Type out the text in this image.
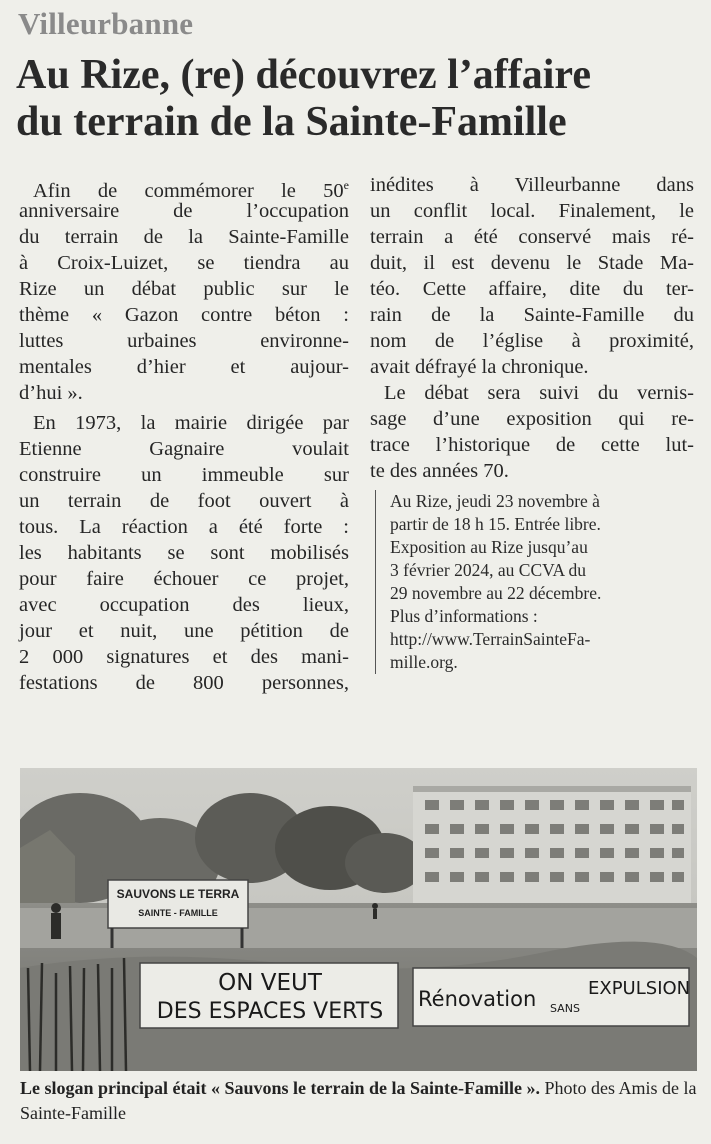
Villeurbanne
Au Rize, (re) découvrez l’affaire
du terrain de la Sainte-Famille
Afin de commémorer le 50e
anniversaire de l’occupation
du terrain de la Sainte-Famille
à Croix-Luizet, se tiendra au
Rize un débat public sur le
thème « Gazon contre béton :
luttes urbaines environne-
mentales d’hier et aujour-
d’hui ».
En 1973, la mairie dirigée par
Etienne Gagnaire voulait
construire un immeuble sur
un terrain de foot ouvert à
tous. La réaction a été forte :
les habitants se sont mobilisés
pour faire échouer ce projet,
avec occupation des lieux,
jour et nuit, une pétition de
2 000 signatures et des mani-
festations de 800 personnes,
inédites à Villeurbanne dans
un conflit local. Finalement, le
terrain a été conservé mais ré-
duit, il est devenu le Stade Ma-
téo. Cette affaire, dite du ter-
rain de la Sainte-Famille du
nom de l’église à proximité,
avait défrayé la chronique.
Le débat sera suivi du vernis-
sage d’une exposition qui re-
trace l’historique de cette lut-
te des années 70.
Au Rize, jeudi 23 novembre à
partir de 18 h 15. Entrée libre.
Exposition au Rize jusqu’au
3 février 2024, au CCVA du
29 novembre au 22 décembre.
Plus d’informations :
http://www.TerrainSainteFa-
mille.org.
SAUVONS LE TERRA
SAINTE - FAMILLE
ON VEUT
DES ESPACES VERTS Rénovation SANS
EXPULSION
Le slogan principal était « Sauvons le terrain de la Sainte-Famille ». Photo des Amis de la Sainte-Famille
